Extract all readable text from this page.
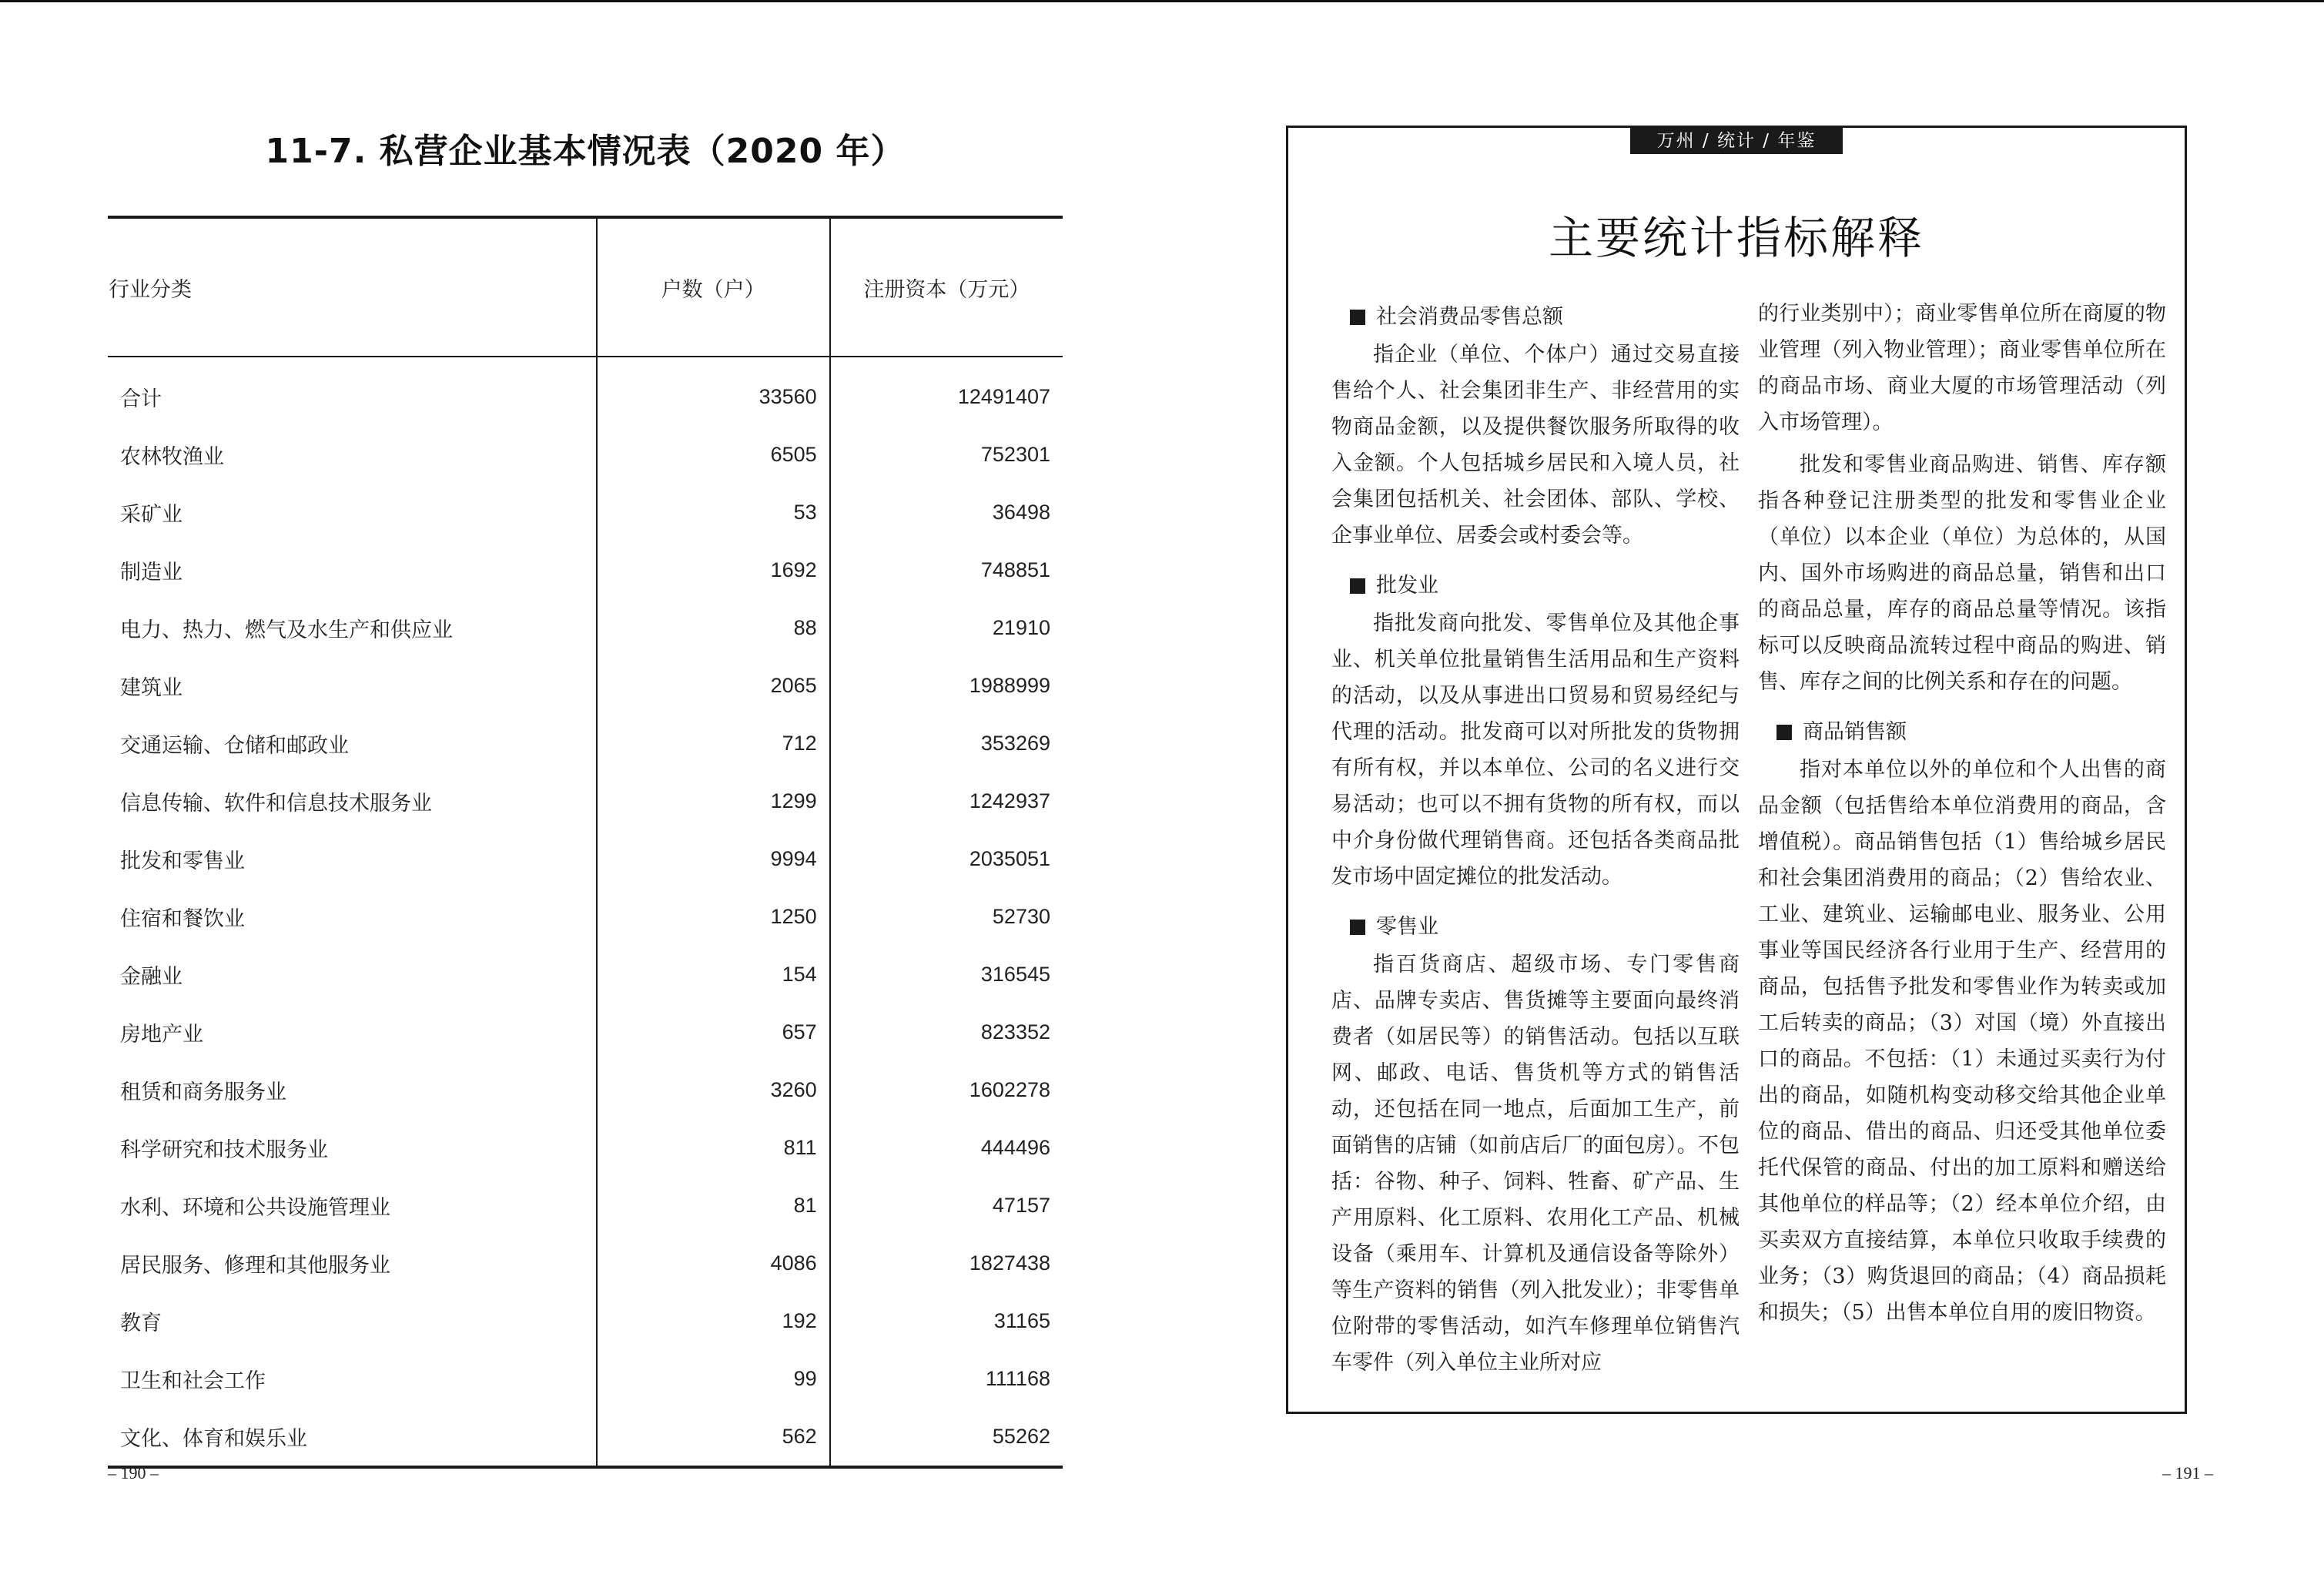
11-7. 私营企业基本情况表（2020 年）
行业分类	户数（户）	注册资本（万元）
合计	33560	12491407
农林牧渔业	6505	752301
采矿业	53	36498
制造业	1692	748851
电力、热力、燃气及水生产和供应业	88	21910
建筑业	2065	1988999
交通运输、仓储和邮政业	712	353269
信息传输、软件和信息技术服务业	1299	1242937
批发和零售业	9994	2035051
住宿和餐饮业	1250	52730
金融业	154	316545
房地产业	657	823352
租赁和商务服务业	3260	1602278
科学研究和技术服务业	811	444496
水利、环境和公共设施管理业	81	47157
居民服务、修理和其他服务业	4086	1827438
教育	192	31165
卫生和社会工作	99	111168
文化、体育和娱乐业	562	55262
– 190 –
万州 / 统计 / 年鉴
主要统计指标解释
社会消费品零售总额

指企业（单位、个体户）通过交易直接售给个人、社会集团非生产、非经营用的实物商品金额，以及提供餐饮服务所取得的收入金额。个人包括城乡居民和入境人员，社会集团包括机关、社会团体、部队、学校、企事业单位、居委会或村委会等。

批发业

指批发商向批发、零售单位及其他企事业、机关单位批量销售生活用品和生产资料的活动，以及从事进出口贸易和贸易经纪与代理的活动。批发商可以对所批发的货物拥有所有权，并以本单位、公司的名义进行交易活动；也可以不拥有货物的所有权，而以中介身份做代理销售商。还包括各类商品批发市场中固定摊位的批发活动。

零售业

指百货商店、超级市场、专门零售商店、品牌专卖店、售货摊等主要面向最终消费者（如居民等）的销售活动。包括以互联网、邮政、电话、售货机等方式的销售活动，还包括在同一地点，后面加工生产，前面销售的店铺（如前店后厂的面包房）。不包括：谷物、种子、饲料、牲畜、矿产品、生产用原料、化工原料、农用化工产品、机械设备（乘用车、计算机及通信设备等除外）等生产资料的销售（列入批发业）；非零售单位附带的零售活动，如汽车修理单位销售汽车零件（列入单位主业所对应

的行业类别中）；商业零售单位所在商厦的物业管理（列入物业管理）；商业零售单位所在的商品市场、商业大厦的市场管理活动（列入市场管理）。

批发和零售业商品购进、销售、库存额 指各种登记注册类型的批发和零售业企业（单位）以本企业（单位）为总体的，从国内、国外市场购进的商品总量，销售和出口的商品总量，库存的商品总量等情况。该指标可以反映商品流转过程中商品的购进、销售、库存之间的比例关系和存在的问题。

商品销售额

指对本单位以外的单位和个人出售的商品金额（包括售给本单位消费用的商品，含增值税）。商品销售包括（1）售给城乡居民和社会集团消费用的商品；（2）售给农业、工业、建筑业、运输邮电业、服务业、公用事业等国民经济各行业用于生产、经营用的商品，包括售予批发和零售业作为转卖或加工后转卖的商品；（3）对国（境）外直接出口的商品。不包括：（1）未通过买卖行为付出的商品，如随机构变动移交给其他企业单位的商品、借出的商品、归还受其他单位委托代保管的商品、付出的加工原料和赠送给其他单位的样品等；（2）经本单位介绍，由买卖双方直接结算，本单位只收取手续费的业务；（3）购货退回的商品；（4）商品损耗和损失；（5）出售本单位自用的废旧物资。

– 191 –
